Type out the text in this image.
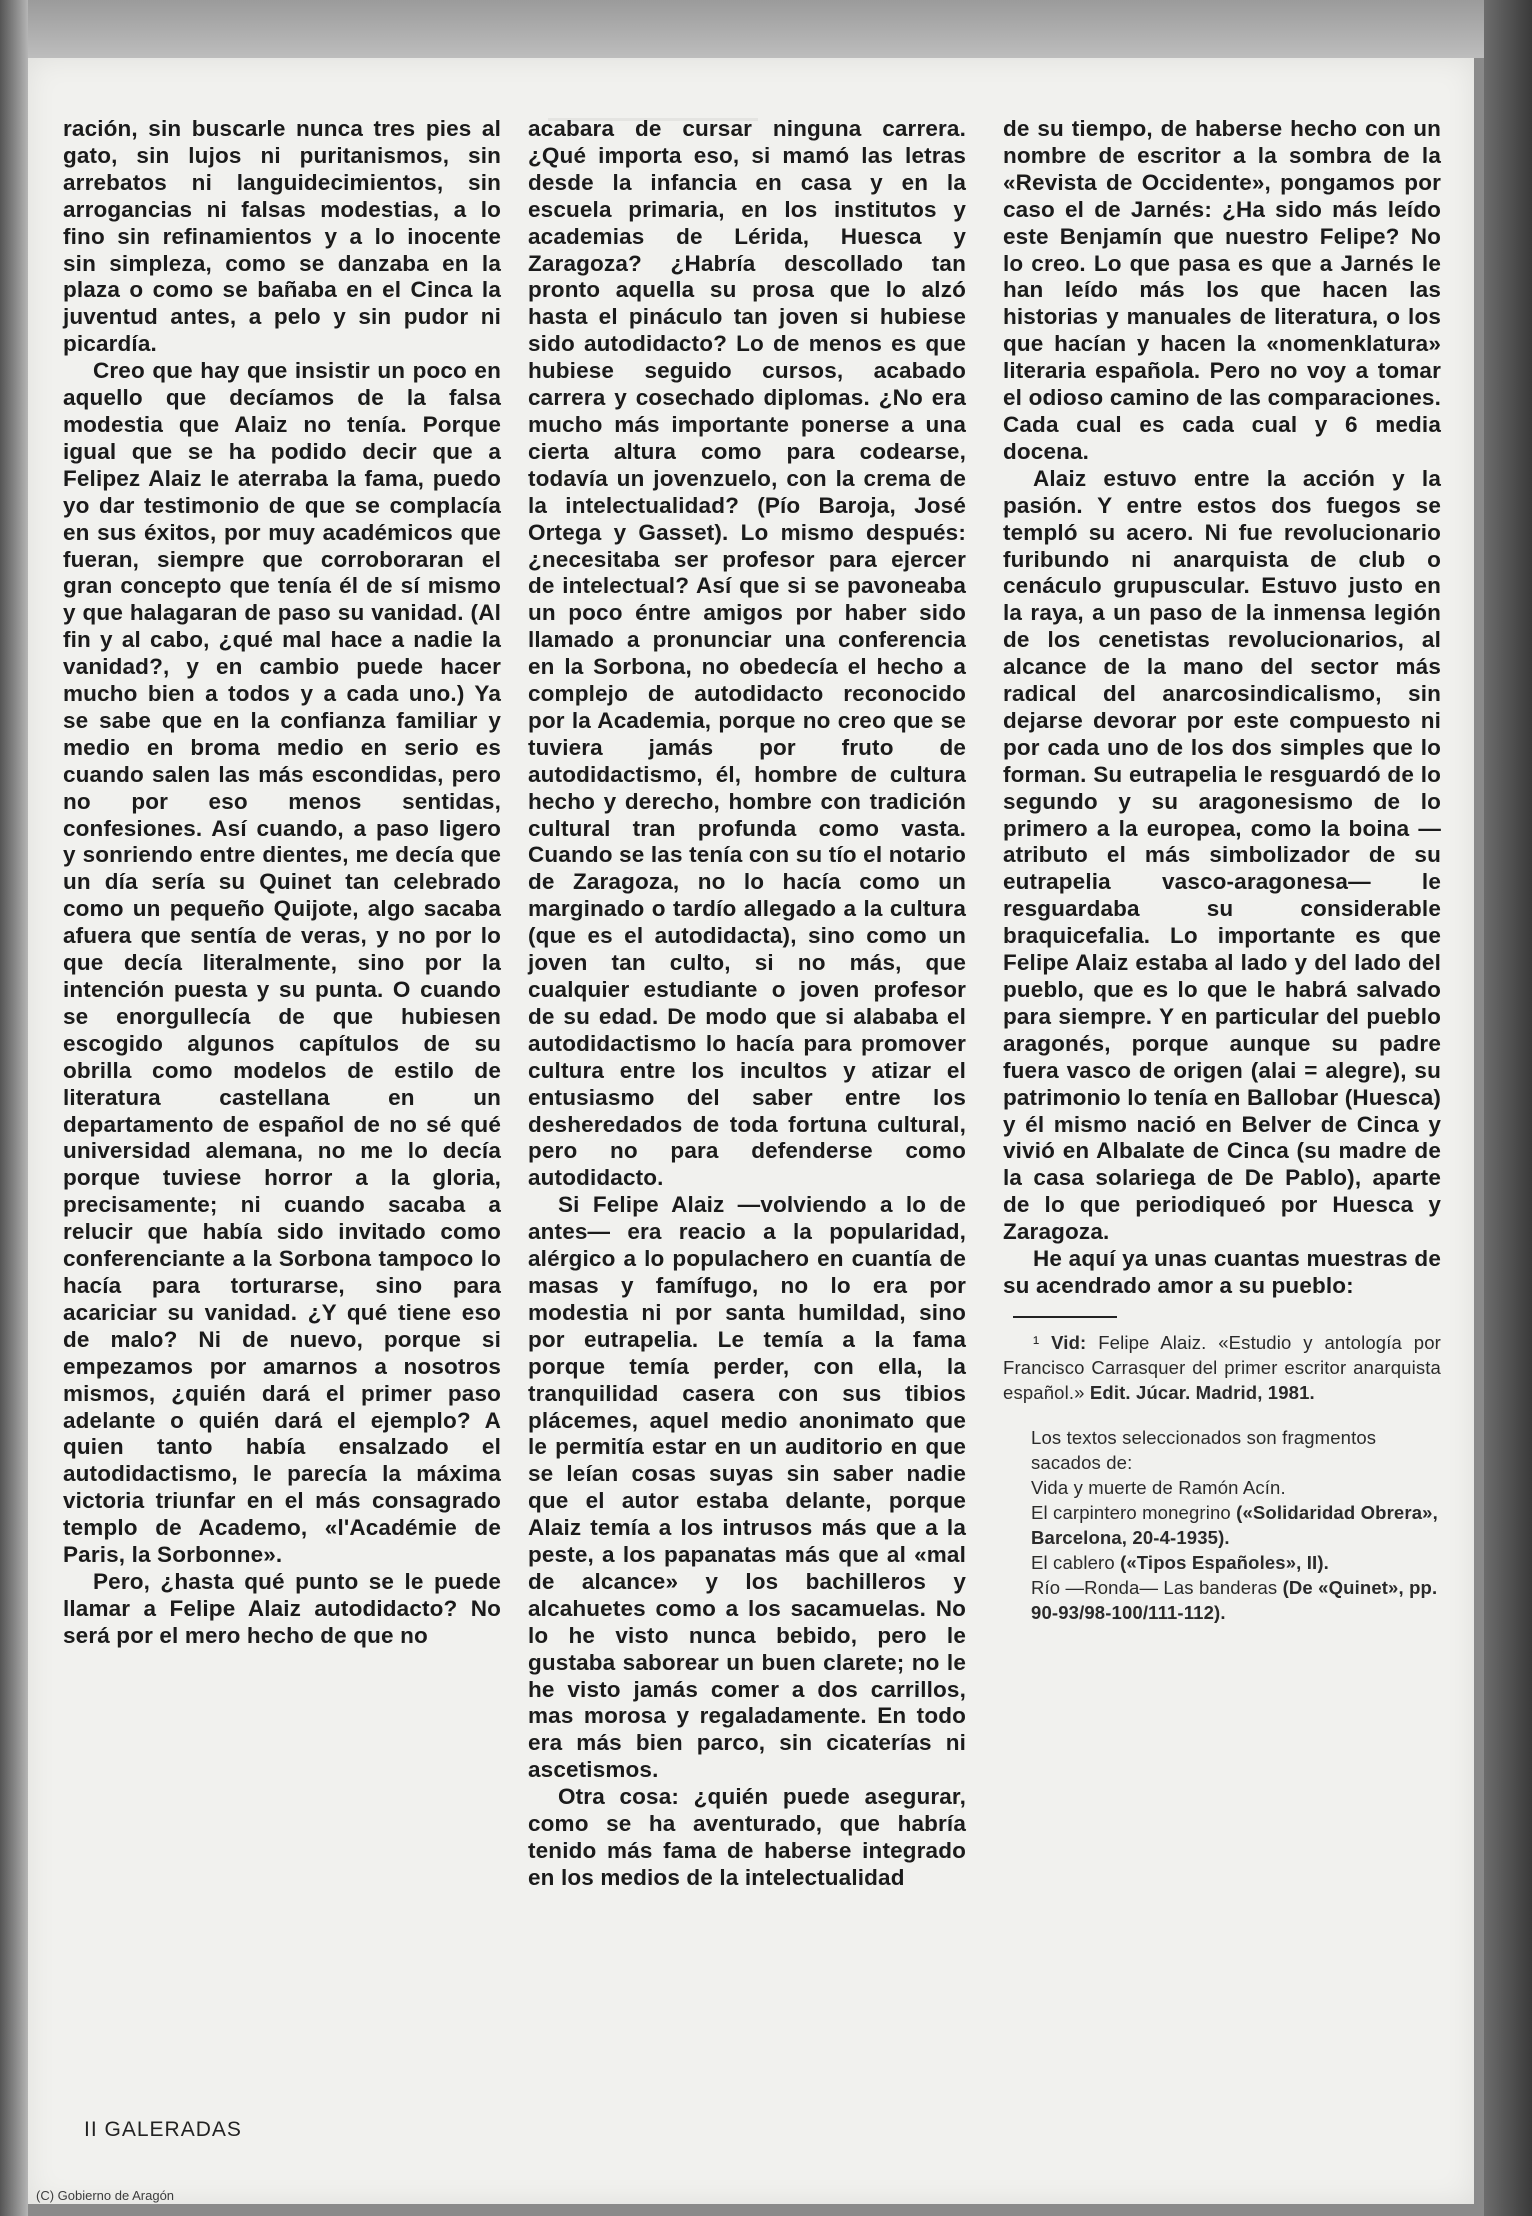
ración, sin buscarle nunca tres pies al gato, sin lujos ni puritanismos, sin arrebatos ni languidecimientos, sin arrogancias ni falsas modestias, a lo fino sin refinamientos y a lo inocente sin simpleza, como se danzaba en la plaza o como se bañaba en el Cinca la juventud antes, a pelo y sin pudor ni picardía.

Creo que hay que insistir un poco en aquello que decíamos de la falsa modestia que Alaiz no tenía. Porque igual que se ha podido decir que a Felipez Alaiz le aterraba la fama, puedo yo dar testimonio de que se complacía en sus éxitos, por muy académicos que fueran, siempre que corroboraran el gran concepto que tenía él de sí mismo y que halagaran de paso su vanidad. (Al fin y al cabo, ¿qué mal hace a nadie la vanidad?, y en cambio puede hacer mucho bien a todos y a cada uno.) Ya se sabe que en la confianza familiar y medio en broma medio en serio es cuando salen las más escondidas, pero no por eso menos sentidas, confesiones. Así cuando, a paso ligero y sonriendo entre dientes, me decía que un día sería su Quinet tan celebrado como un pequeño Quijote, algo sacaba afuera que sentía de veras, y no por lo que decía literalmente, sino por la intención puesta y su punta. O cuando se enorgullecía de que hubiesen escogido algunos capítulos de su obrilla como modelos de estilo de literatura castellana en un departamento de español de no sé qué universidad alemana, no me lo decía porque tuviese horror a la gloria, precisamente; ni cuando sacaba a relucir que había sido invitado como conferenciante a la Sorbona tampoco lo hacía para torturarse, sino para acariciar su vanidad. ¿Y qué tiene eso de malo? Ni de nuevo, porque si empezamos por amarnos a nosotros mismos, ¿quién dará el primer paso adelante o quién dará el ejemplo? A quien tanto había ensalzado el autodidactismo, le parecía la máxima victoria triunfar en el más consagrado templo de Academo, «l'Académie de Paris, la Sorbonne».

Pero, ¿hasta qué punto se le puede llamar a Felipe Alaiz autodidacto? No será por el mero hecho de que no

acabara de cursar ninguna carrera. ¿Qué importa eso, si mamó las letras desde la infancia en casa y en la escuela primaria, en los institutos y academias de Lérida, Huesca y Zaragoza? ¿Habría descollado tan pronto aquella su prosa que lo alzó hasta el pináculo tan joven si hubiese sido autodidacto? Lo de menos es que hubiese seguido cursos, acabado carrera y cosechado diplomas. ¿No era mucho más importante ponerse a una cierta altura como para codearse, todavía un jovenzuelo, con la crema de la intelectualidad? (Pío Baroja, José Ortega y Gasset). Lo mismo después: ¿necesitaba ser profesor para ejercer de intelectual? Así que si se pavoneaba un poco éntre amigos por haber sido llamado a pronunciar una conferencia en la Sorbona, no obedecía el hecho a complejo de autodidacto reconocido por la Academia, porque no creo que se tuviera jamás por fruto de autodidactismo, él, hombre de cultura hecho y derecho, hombre con tradición cultural tran profunda como vasta. Cuando se las tenía con su tío el notario de Zaragoza, no lo hacía como un marginado o tardío allegado a la cultura (que es el autodidacta), sino como un joven tan culto, si no más, que cualquier estudiante o joven profesor de su edad. De modo que si alababa el autodidactismo lo hacía para promover cultura entre los incultos y atizar el entusiasmo del saber entre los desheredados de toda fortuna cultural, pero no para defenderse como autodidacto.

Si Felipe Alaiz —volviendo a lo de antes— era reacio a la popularidad, alérgico a lo populachero en cuantía de masas y famífugo, no lo era por modestia ni por santa humildad, sino por eutrapelia. Le temía a la fama porque temía perder, con ella, la tranquilidad casera con sus tibios plácemes, aquel medio anonimato que le permitía estar en un auditorio en que se leían cosas suyas sin saber nadie que el autor estaba delante, porque Alaiz temía a los intrusos más que a la peste, a los papanatas más que al «mal de alcance» y los bachilleros y alcahuetes como a los sacamuelas. No lo he visto nunca bebido, pero le gustaba saborear un buen clarete; no le he visto jamás comer a dos carrillos, mas morosa y regaladamente. En todo era más bien parco, sin cicaterías ni ascetismos.

Otra cosa: ¿quién puede asegurar, como se ha aventurado, que habría tenido más fama de haberse integrado en los medios de la intelectualidad

de su tiempo, de haberse hecho con un nombre de escritor a la sombra de la «Revista de Occidente», pongamos por caso el de Jarnés: ¿Ha sido más leído este Benjamín que nuestro Felipe? No lo creo. Lo que pasa es que a Jarnés le han leído más los que hacen las historias y manuales de literatura, o los que hacían y hacen la «nomenklatura» literaria española. Pero no voy a tomar el odioso camino de las comparaciones. Cada cual es cada cual y 6 media docena.

Alaiz estuvo entre la acción y la pasión. Y entre estos dos fuegos se templó su acero. Ni fue revolucionario furibundo ni anarquista de club o cenáculo grupuscular. Estuvo justo en la raya, a un paso de la inmensa legión de los cenetistas revolucionarios, al alcance de la mano del sector más radical del anarcosindicalismo, sin dejarse devorar por este compuesto ni por cada uno de los dos simples que lo forman. Su eutrapelia le resguardó de lo segundo y su aragonesismo de lo primero a la europea, como la boina —atributo el más simbolizador de su eutrapelia vasco-aragonesa— le resguardaba su considerable braquicefalia. Lo importante es que Felipe Alaiz estaba al lado y del lado del pueblo, que es lo que le habrá salvado para siempre. Y en particular del pueblo aragonés, porque aunque su padre fuera vasco de origen (alai = alegre), su patrimonio lo tenía en Ballobar (Huesca) y él mismo nació en Belver de Cinca y vivió en Albalate de Cinca (su madre de la casa solariega de De Pablo), aparte de lo que periodiqueó por Huesca y Zaragoza.

He aquí ya unas cuantas muestras de su acendrado amor a su pueblo:

¹ Vid: Felipe Alaiz. «Estudio y antología por Francisco Carrasquer del primer escritor anarquista español.» Edit. Júcar. Madrid, 1981.

Los textos seleccionados son fragmentos sacados de:
Vida y muerte de Ramón Acín.
El carpintero monegrino («Solidaridad Obrera», Barcelona, 20-4-1935).
El cablero («Tipos Españoles», II).
Río —Ronda— Las banderas (De «Quinet», pp. 90-93/98-100/111-112).
II GALERADAS
(C) Gobierno de Aragón
